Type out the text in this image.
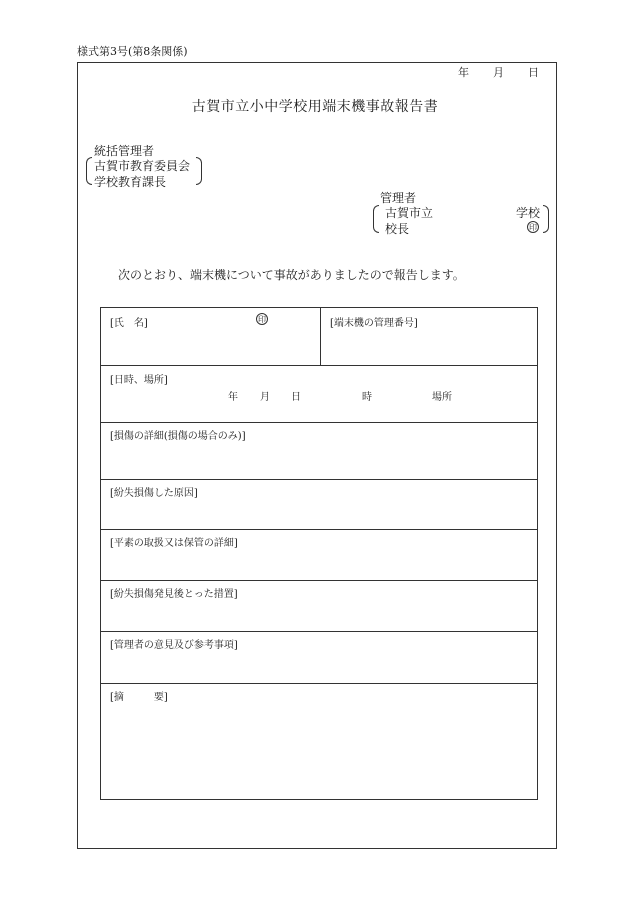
様式第3号(第8条関係)
年 月 日
古賀市立小中学校用端末機事故報告書
統括管理者
古賀市教育委員会
学校教育課長
管理者
古賀市立	学校
校長	印
次のとおり、端末機について事故がありましたので報告します。
[氏　名]	印	[端末機の管理番号]
[日時、場所]
年 月 日	時	場所
[損傷の詳細(損傷の場合のみ)]
[紛失損傷した原因]
[平素の取扱又は保管の詳細]
[紛失損傷発見後とった措置]
[管理者の意見及び参考事項]
[摘　　　要]
